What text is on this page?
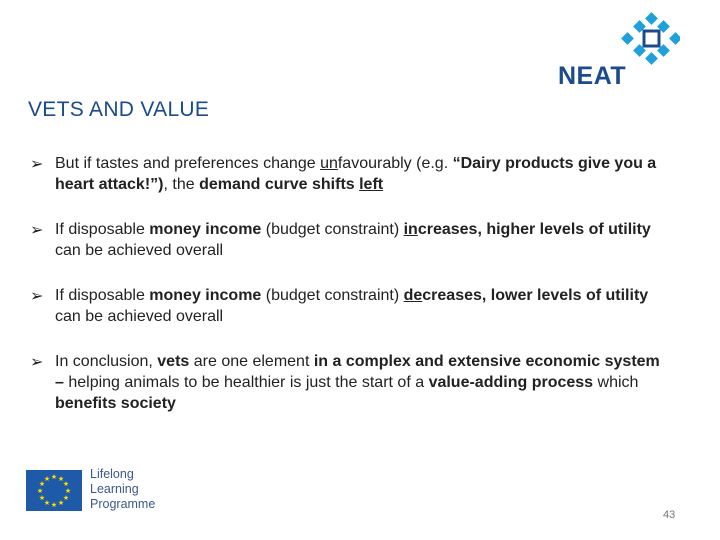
NEAT
VETS AND VALUE
➢ But if tastes and preferences change unfavourably (e.g. “Dairy products give you a heart attack!”), the demand curve shifts left
➢ If disposable money income (budget constraint) increases, higher levels of utility can be achieved overall
➢ If disposable money income (budget constraint) decreases, lower levels of utility can be achieved overall
➢ In conclusion, vets are one element in a complex and extensive economic system – helping animals to be healthier is just the start of a value-adding process which benefits society
★ ★
★
★
★
★
★
★
★
★
★
★	Lifelong
Learning
Programme
43
